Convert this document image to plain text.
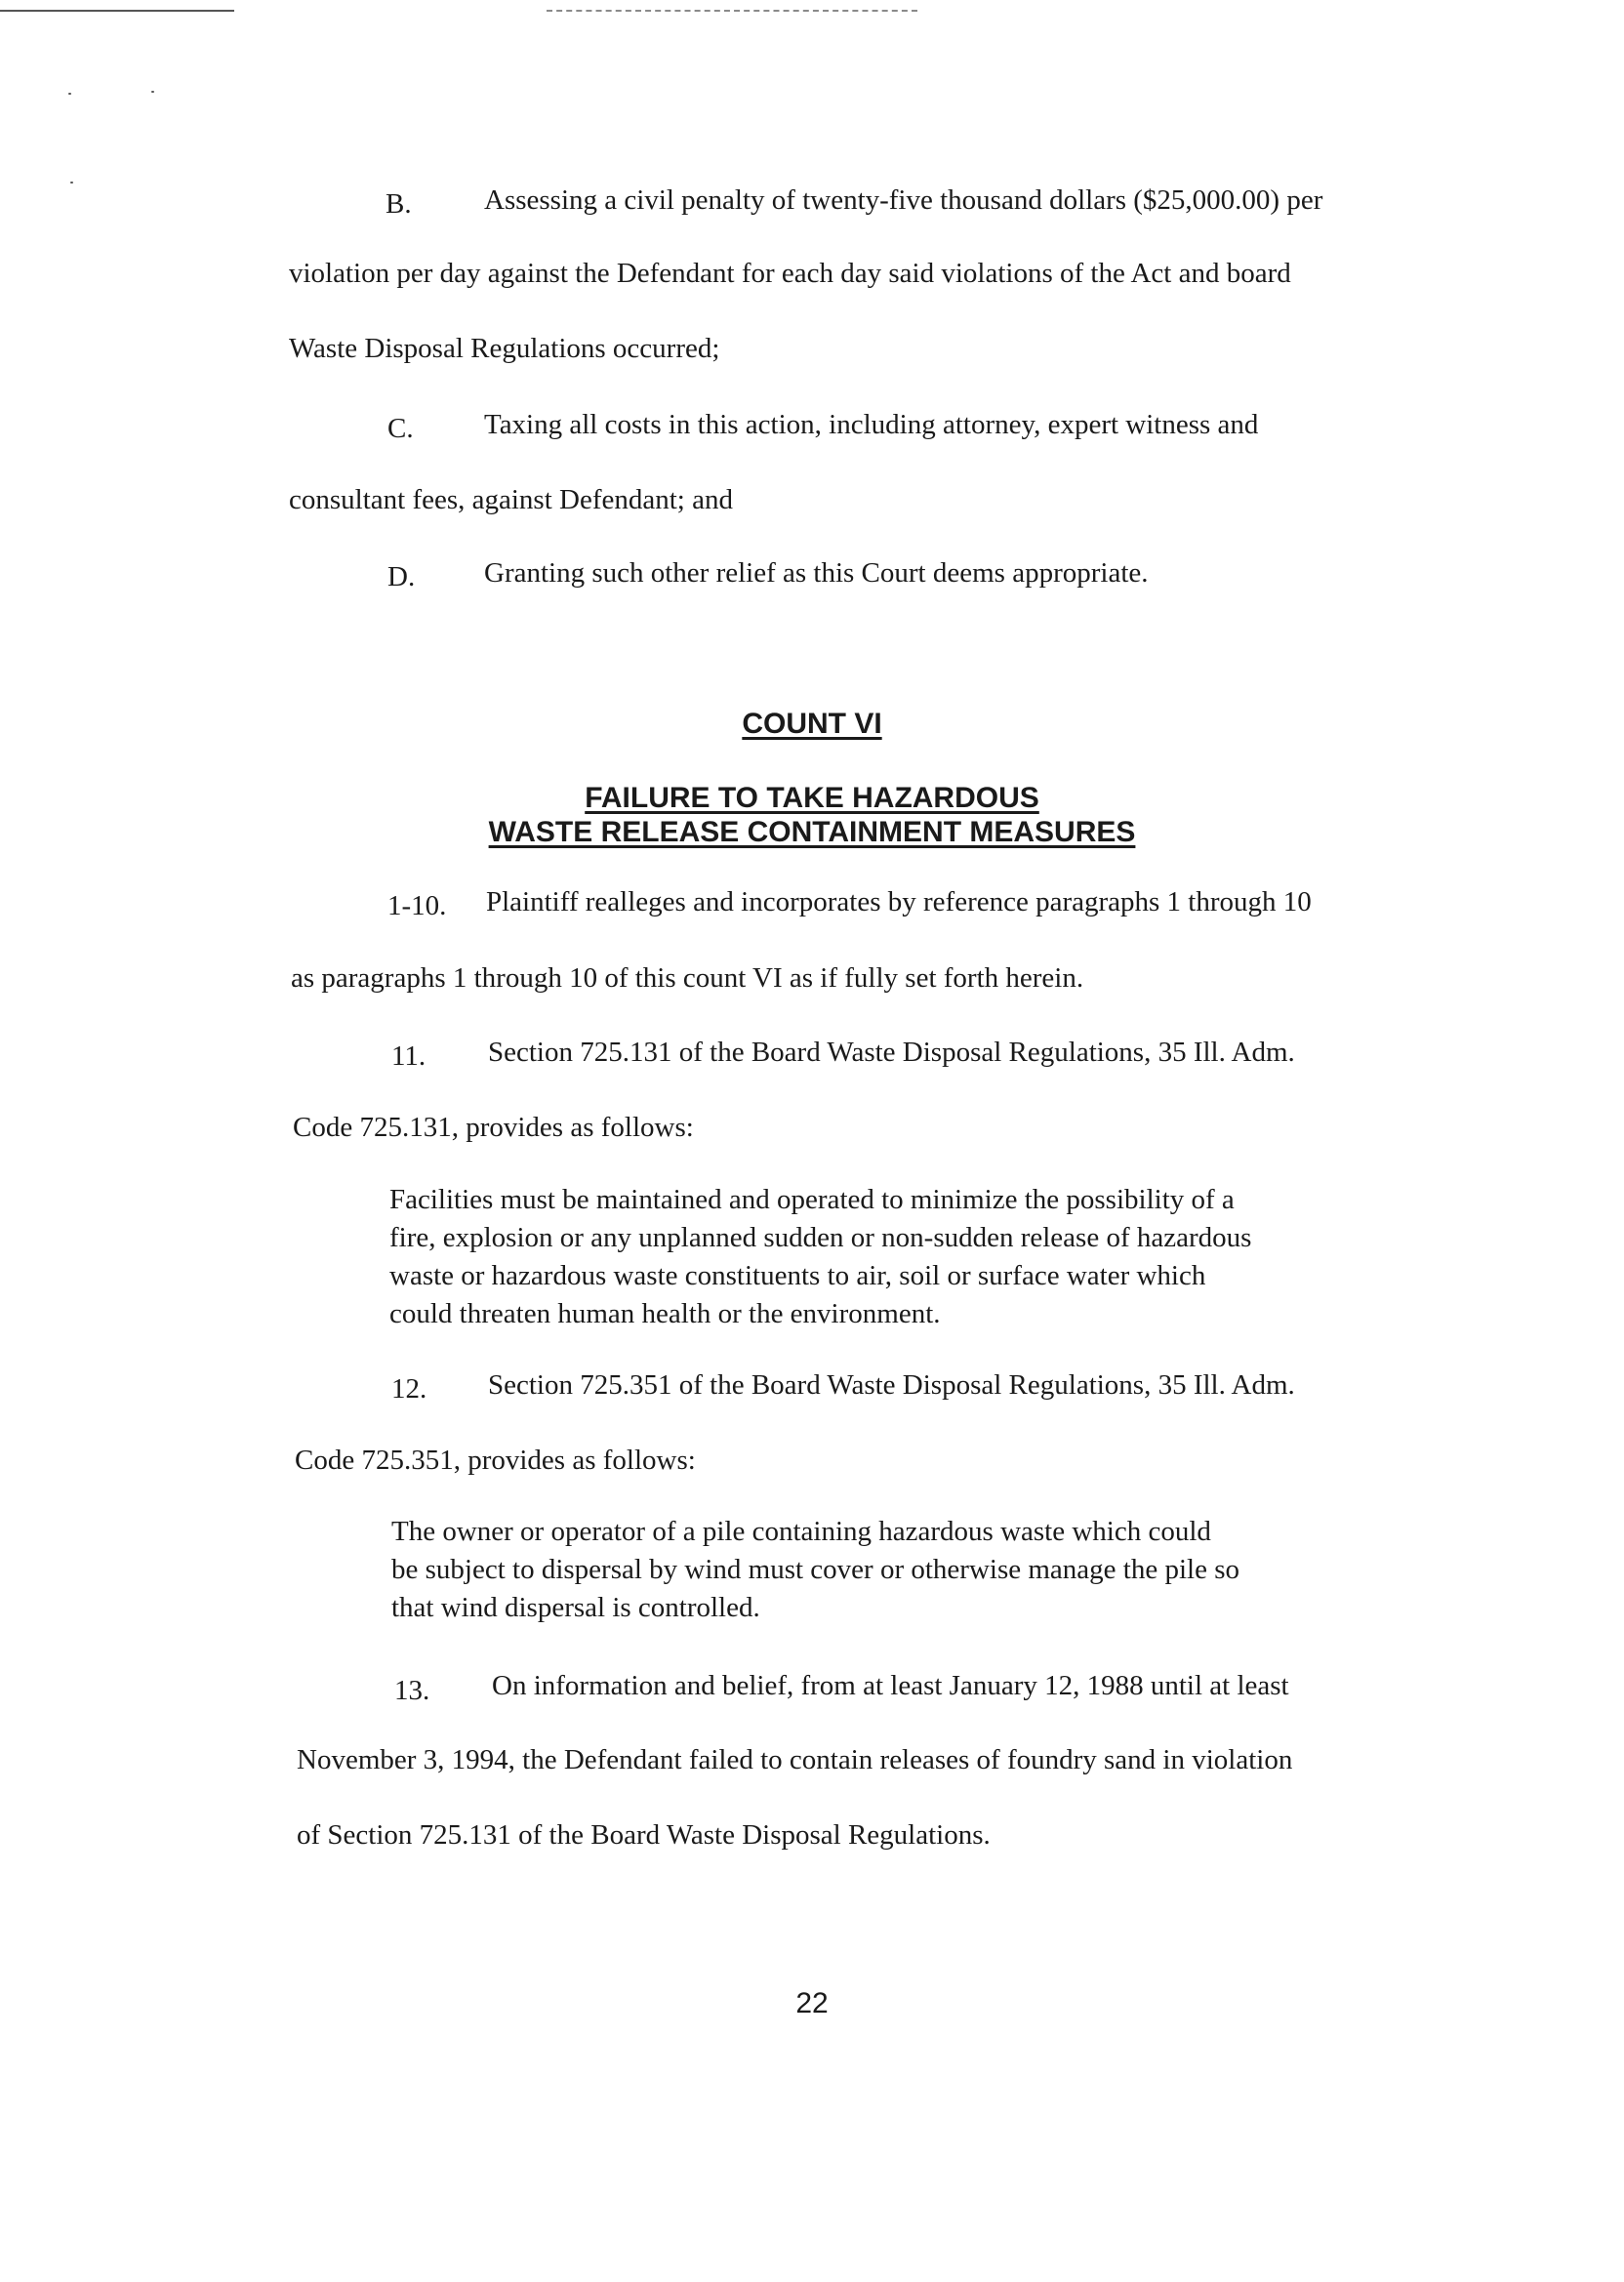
B.	Assessing a civil penalty of twenty-five thousand dollars ($25,000.00) per

violation per day against the Defendant for each day said violations of the Act and board

Waste Disposal Regulations occurred;

C. Taxing all costs in this action, including attorney, expert witness and

consultant fees, against Defendant; and

D. Granting such other relief as this Court deems appropriate.

COUNT VI
FAILURE TO TAKE HAZARDOUS
WASTE RELEASE CONTAINMENT MEASURES
1-10. Plaintiff realleges and incorporates by reference paragraphs 1 through 10

as paragraphs 1 through 10 of this count VI as if fully set forth herein.

11. Section 725.131 of the Board Waste Disposal Regulations, 35 Ill. Adm.

Code 725.131, provides as follows:

Facilities must be maintained and operated to minimize the possibility of a
fire, explosion or any unplanned sudden or non-sudden release of hazardous
waste or hazardous waste constituents to air, soil or surface water which
could threaten human health or the environment.
12. Section 725.351 of the Board Waste Disposal Regulations, 35 Ill. Adm.

Code 725.351, provides as follows:

The owner or operator of a pile containing hazardous waste which could
be subject to dispersal by wind must cover or otherwise manage the pile so
that wind dispersal is controlled.
13. On information and belief, from at least January 12, 1988 until at least

November 3, 1994, the Defendant failed to contain releases of foundry sand in violation

of Section 725.131 of the Board Waste Disposal Regulations.

22
